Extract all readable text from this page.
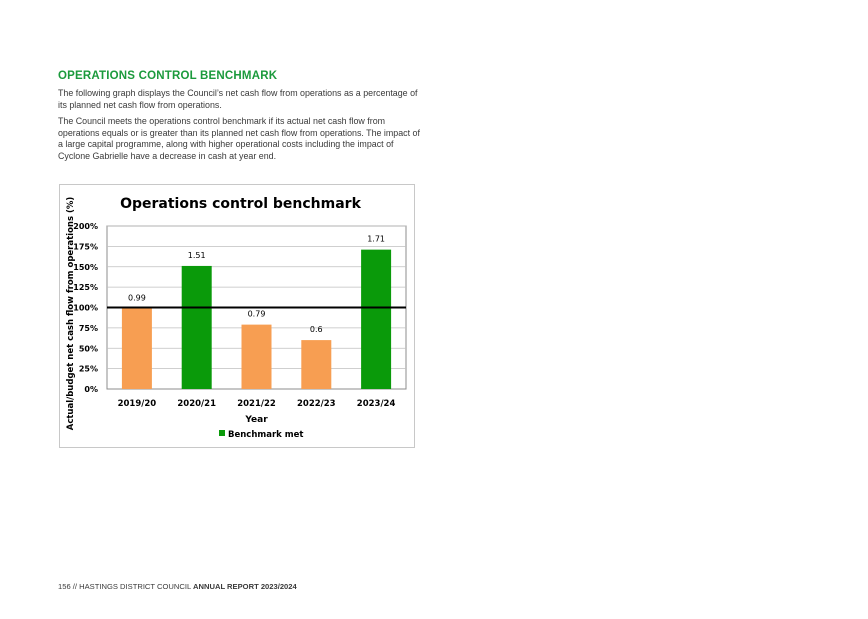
OPERATIONS CONTROL BENCHMARK
The following graph displays the Council’s net cash flow from operations as a percentage of its planned net cash flow from operations.
The Council meets the operations control benchmark if its actual net cash flow from operations equals or is greater than its planned net cash flow from operations. The impact of a large capital programme, along with higher operational costs including the impact of Cyclone Gabrielle have a decrease in cash at year end.
Operations control benchmark
0%
25%
50%
75%
100%
125%
150%
175%
200%
0.99
2019/20
1.51
2020/21
0.79
2021/22
0.6
2022/23
1.71
2023/24
Year
Actual/budget net cash flow from operations (%)
Benchmark met
156 // HASTINGS DISTRICT COUNCIL ANNUAL REPORT 2023/2024
